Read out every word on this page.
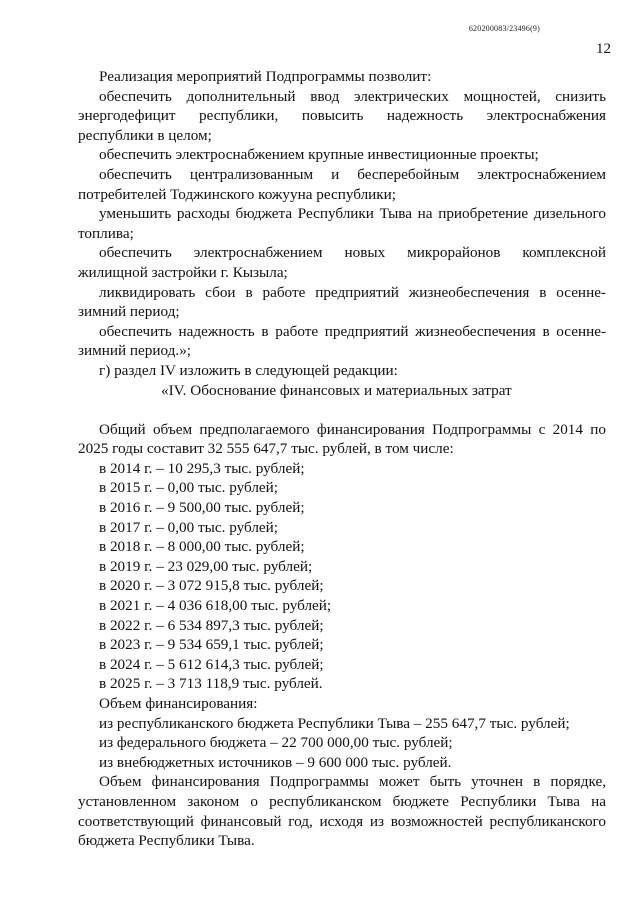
620200083/23496(9)
12

Реализация мероприятий Подпрограммы позволит:

обеспечить дополнительный ввод электрических мощностей, снизить энергодефицит республики, повысить надежность электроснабжения республики в целом;

обеспечить электроснабжением крупные инвестиционные проекты;

обеспечить централизованным и бесперебойным электроснабжением потребителей Тоджинского кожууна республики;

уменьшить расходы бюджета Республики Тыва на приобретение дизельного топлива;

обеспечить электроснабжением новых микрорайонов комплексной жилищной застройки г. Кызыла;

ликвидировать сбои в работе предприятий жизнеобеспечения в осенне-зимний период;

обеспечить надежность в работе предприятий жизнеобеспечения в осенне-зимний период.»;

г) раздел IV изложить в следующей редакции:

«IV. Обоснование финансовых и материальных затрат

Общий объем предполагаемого финансирования Подпрограммы с 2014 по 2025 годы составит 32 555 647,7 тыс. рублей, в том числе:

в 2014 г. – 10 295,3 тыс. рублей;

в 2015 г. – 0,00 тыс. рублей;

в 2016 г. – 9 500,00 тыс. рублей;

в 2017 г. – 0,00 тыс. рублей;

в 2018 г. – 8 000,00 тыс. рублей;

в 2019 г. – 23 029,00 тыс. рублей;

в 2020 г. – 3 072 915,8 тыс. рублей;

в 2021 г. – 4 036 618,00 тыс. рублей;

в 2022 г. – 6 534 897,3 тыс. рублей;

в 2023 г. – 9 534 659,1 тыс. рублей;

в 2024 г. – 5 612 614,3 тыс. рублей;

в 2025 г. – 3 713 118,9 тыс. рублей.

Объем финансирования:

из республиканского бюджета Республики Тыва – 255 647,7 тыс. рублей;

из федерального бюджета – 22 700 000,00 тыс. рублей;

из внебюджетных источников – 9 600 000 тыс. рублей.

Объем финансирования Подпрограммы может быть уточнен в порядке, установленном законом о республиканском бюджете Республики Тыва на соответствующий финансовый год, исходя из возможностей республиканского бюджета Республики Тыва.
